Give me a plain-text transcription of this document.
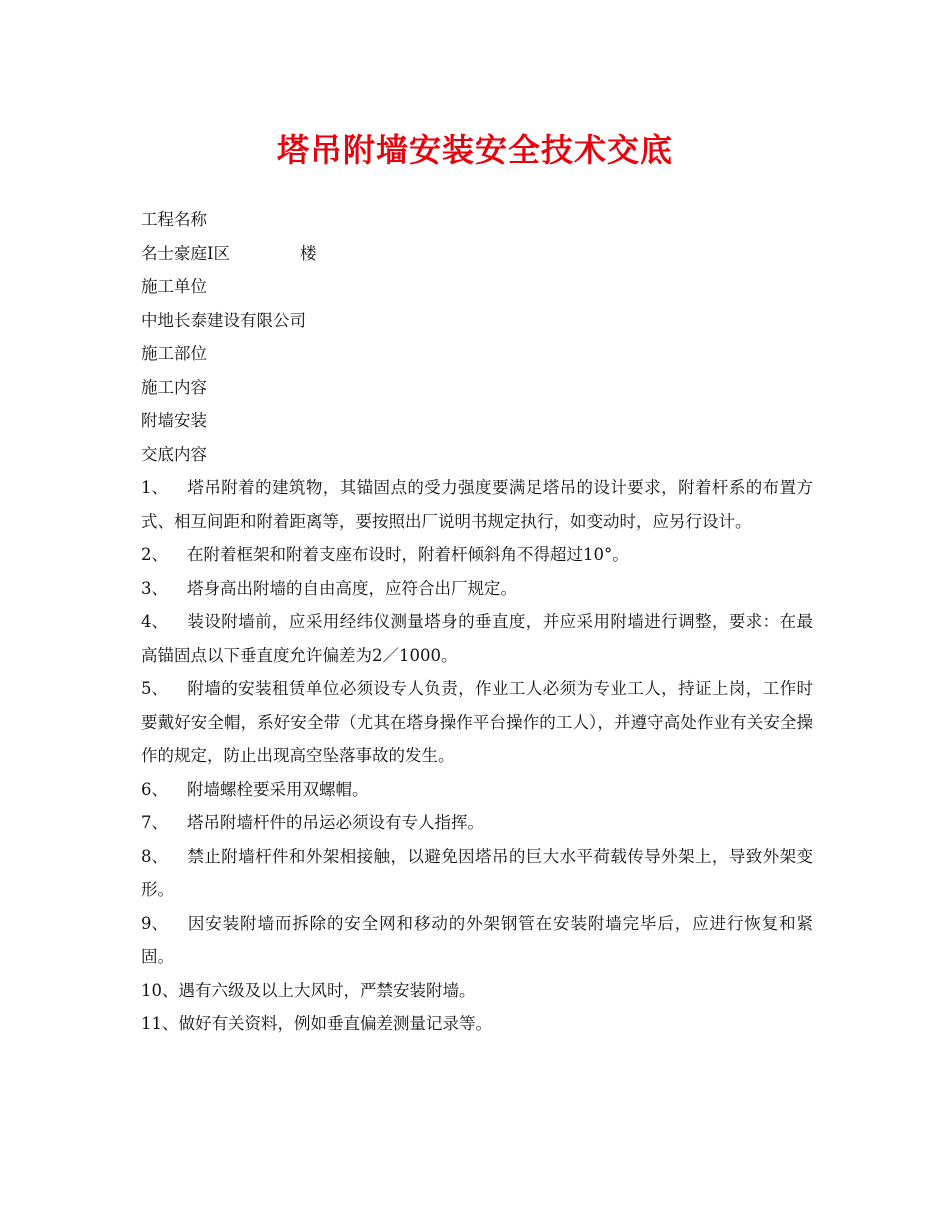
塔吊附墙安装安全技术交底

工程名称

名士豪庭Ⅰ区	楼

施工单位

中地长泰建设有限公司

施工部位

施工内容

附墙安装

交底内容

1、 塔吊附着的建筑物，其锚固点的受力强度要满足塔吊的设计要求，附着杆系的布置方式、相互间距和附着距离等，要按照出厂说明书规定执行，如变动时，应另行设计。

2、 在附着框架和附着支座布设时，附着杆倾斜角不得超过10°。

3、 塔身高出附墙的自由高度，应符合出厂规定。

4、 装设附墙前，应采用经纬仪测量塔身的垂直度，并应采用附墙进行调整，要求：在最高锚固点以下垂直度允许偏差为2／1000。

5、 附墙的安装租赁单位必须设专人负责，作业工人必须为专业工人，持证上岗，工作时要戴好安全帽，系好安全带（尤其在塔身操作平台操作的工人），并遵守高处作业有关安全操作的规定，防止出现高空坠落事故的发生。

6、 附墙螺栓要采用双螺帽。

7、 塔吊附墙杆件的吊运必须设有专人指挥。

8、 禁止附墙杆件和外架相接触，以避免因塔吊的巨大水平荷载传导外架上，导致外架变形。

9、 因安装附墙而拆除的安全网和移动的外架钢管在安装附墙完毕后，应进行恢复和紧固。

10、遇有六级及以上大风时，严禁安装附墙。

11、做好有关资料，例如垂直偏差测量记录等。
